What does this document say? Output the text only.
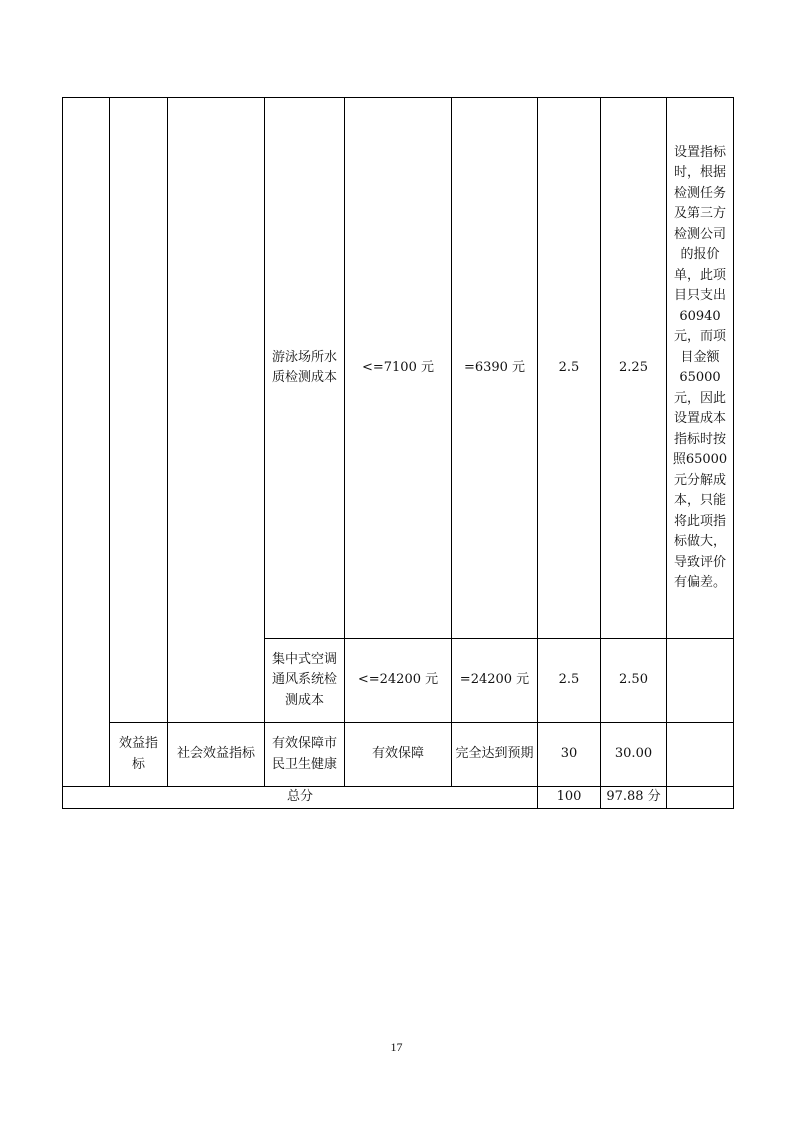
			游泳场所水质检测成本	<=7100 元	=6390 元	2.5	2.25	设置指标时，根据检测任务及第三方检测公司的报价单，此项目只支出60940元，而项目金额65000元，因此设置成本指标时按照65000元分解成本，只能将此项指标做大，导致评价有偏差。
			集中式空调通风系统检测成本	<=24200 元	=24200 元	2.5	2.50	
	效益指标	社会效益指标	有效保障市民卫生健康	有效保障	完全达到预期	30	30.00	
总分						100	97.88 分	
17
